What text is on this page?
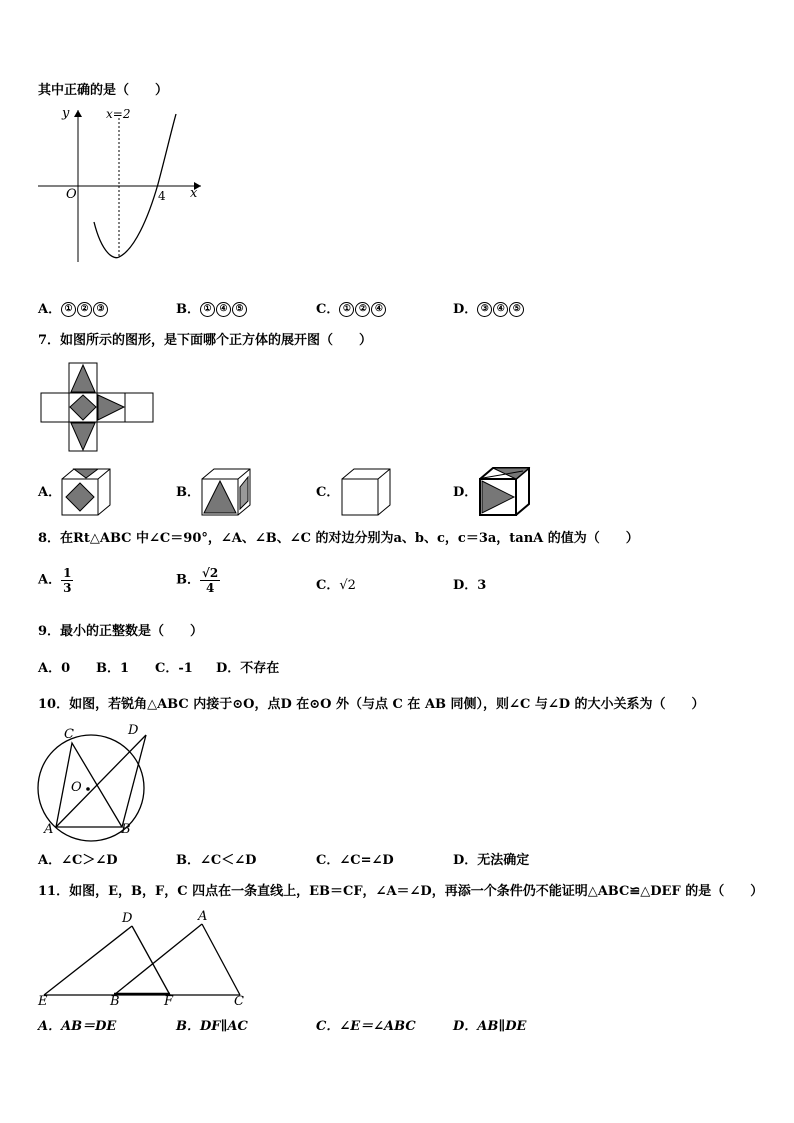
其中正确的是（　　）
y	x=2
O	4 x
A． ① ② ③	B． ① ④ ⑤	C． ① ② ④	D． ③ ④ ⑤
7．如图所示的图形，是下面哪个正方体的展开图（　　）
A．	B．	C．	D．
8．在Rt△ABC 中∠C＝90°，∠A、∠B、∠C 的对边分别为a、b、c，c＝3a，tanA 的值为（　　）
A． $\frac{1}{3}$	B． $\frac{√2}{4}$	C．√2	D．3
9．最小的正整数是（　　）
A．0 B．1 C．-1 D．不存在
10．如图，若锐角△ABC 内接于⊙O，点D 在⊙O 外（与点 C 在 AB 同侧），则∠C 与∠D 的大小关系为（　　）
C	D
O
A	B
A．∠C＞∠D	B．∠C＜∠D	C．∠C=∠D	D．无法确定
11．如图，E，B，F，C 四点在一条直线上，EB＝CF，∠A＝∠D，再添一个条件仍不能证明△ABC≌△DEF 的是（　　）
D	A
E	B	F	C
A．AB＝DE	B．DF∥AC	C．∠E＝∠ABC	D．AB∥DE
